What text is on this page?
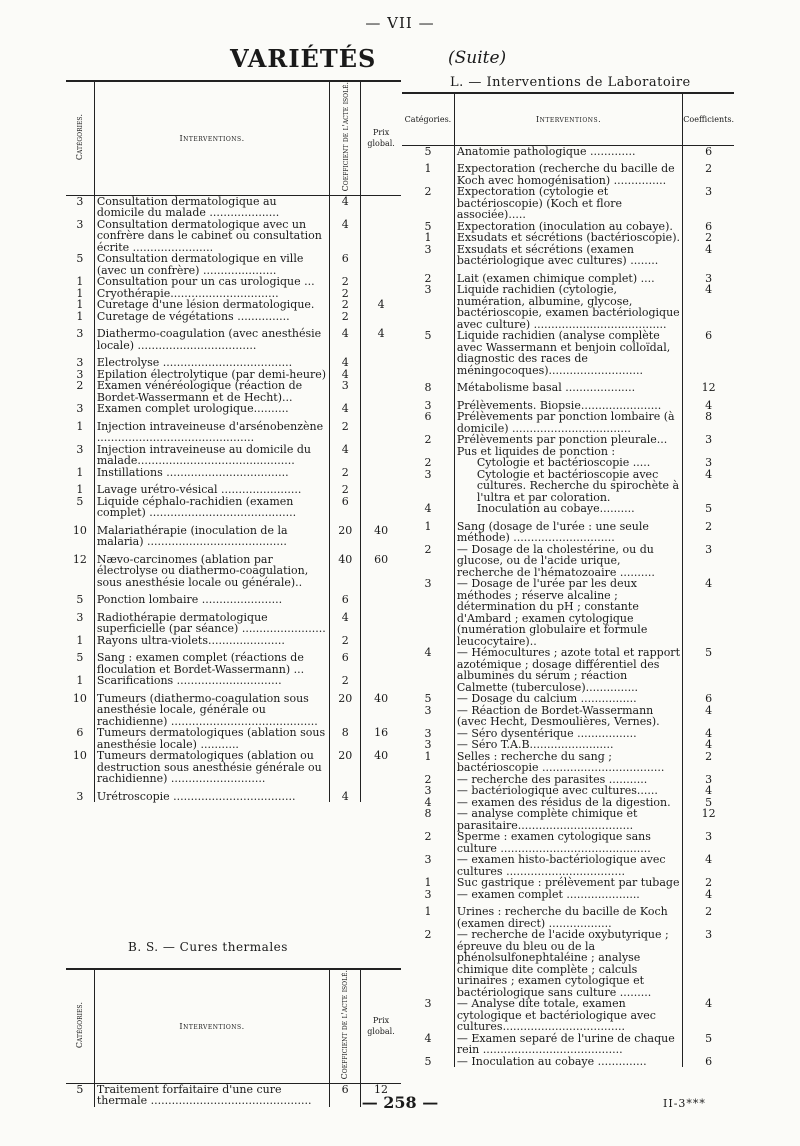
— VII —
VARIÉTÉS	(Suite)
L. — Interventions de Laboratoire
Catégories.	Interventions.	Coefficient de l'acte isolé.	Prix global.
3	Consultation dermatologique au domicile du malade ....................	4	
3	Consultation dermatologique avec un confrère dans le cabinet ou consultation écrite .......................	4	
5	Consultation dermatologique en ville (avec un confrère) .....................	6	
1	Consultation pour un cas urologique ...	2	
1	Cryothérapie...............................	2	
1	Curetage d'une lésion dermatologique.	2	4
1	Curetage de végétations ...............	2	

3	Diathermo-coagulation (avec anesthésie locale) ..................................	4	4

3	Electrolyse .....................................	4	
3	Epilation électrolytique (par demi-heure)	4	
2	Examen vénéréologique (réaction de Bordet-Wassermann et de Hecht)...	3	
3	Examen complet urologique..........	4	

1	Injection intraveineuse d'arsénobenzène .............................................	2	
3	Injection intraveineuse au domicile du malade.............................................	4	
1	Instillations ...................................	2	

1	Lavage urétro-vésical .......................	2	
5	Liquide céphalo-rachidien (examen complet) ..........................................	6	

10	Malariathérapie (inoculation de la malaria) ........................................	20	40

12	Nævo-carcinomes (ablation par électrolyse ou diathermo-coagulation, sous anesthésie locale ou générale)..	40	60

5	Ponction lombaire .......................	6	

3	Radiothérapie dermatologique superficielle (par séance) ........................	4	
1	Rayons ultra-violets......................	2	

5	Sang : examen complet (réactions de floculation et Bordet-Wassermann) ...	6	
1	Scarifications ..............................	2	

10	Tumeurs (diathermo-coagulation sous anesthésie locale, générale ou rachidienne) ..........................................	20	40
6	Tumeurs dermatologiques (ablation sous anesthésie locale) ...........	8	16
10	Tumeurs dermatologiques (ablation ou destruction sous anesthésie générale ou rachidienne) ...........................	20	40

3	Urétroscopie ...................................	4	
B. S. — Cures thermales
Catégories.	Interventions.	Coefficient de l'acte isolé.	Prix global.
5	Traitement forfaitaire d'une cure thermale ..............................................	6	12
Catégories.	Interventions.	Coefficients.
5	Anatomie pathologique .............	6

1	Expectoration (recherche du bacille de Koch avec homogénisation) ...............	2
2	Expectoration (cytologie et bactérioscopie) (Koch et flore associée).....	3
5	Expectoration (inoculation au cobaye).	6
1	Exsudats et sécrétions (bactérioscopie).	2
3	Exsudats et sécrétions (examen bactériologique avec cultures) ........	4

2	Lait (examen chimique complet) ....	3
3	Liquide rachidien (cytologie, numération, albumine, glycose, bactérioscopie, examen bactériologique avec culture) ......................................	4
5	Liquide rachidien (analyse complète avec Wassermann et benjoin colloïdal, diagnostic des races de méningocoques)...........................	6

8	Métabolisme basal ....................	12

3	Prélèvements. Biopsie.......................	4
6	Prélèvements par ponction lombaire (à domicile) ..................................	8
2	Prélèvements par ponction pleurale...	3
	Pus et liquides de ponction :	
2	Cytologie et bactérioscopie .....	3
3	Cytologie et bactérioscopie avec cultures. Recherche du spirochète à l'ultra et par coloration.	4
4	Inoculation au cobaye..........	5

1	Sang (dosage de l'urée : une seule méthode) .............................	2
2	— Dosage de la cholestérine, ou du glucose, ou de l'acide urique, recherche de l'hématozoaire ..........	3
3	— Dosage de l'urée par les deux méthodes ; réserve alcaline ; détermination du pH ; constante d'Ambard ; examen cytologique (numération globulaire et formule leucocytaire)..	4
4	— Hémocultures ; azote total et rapport azotémique ; dosage différentiel des albumines du sérum ; réaction Calmette (tuberculose)...............	5
5	— Dosage du calcium ................	6
3	— Réaction de Bordet-Wassermann (avec Hecht, Desmoulières, Vernes).	4
3	— Séro dysentérique .................	4
3	— Séro T.A.B........................	4
1	Selles : recherche du sang ; bactérioscopie ...................................	2
2	— recherche des parasites ...........	3
3	— bactériologique avec cultures......	4
4	— examen des résidus de la digestion.	5
8	— analyse complète chimique et parasitaire.................................	12
2	Sperme : examen cytologique sans culture ...........................................	3
3	— examen histo-bactériologique avec cultures ..................................	4
1	Suc gastrique : prélèvement par tubage	2
3	— examen complet .....................	4

1	Urines : recherche du bacille de Koch (examen direct) ..................	2
2	— recherche de l'acide oxybutyrique ; épreuve du bleu ou de la phénolsulfonephtaléine ; analyse chimique dite complète ; calculs urinaires ; examen cytologique et bactériologique sans culture .........	3
3	— Analyse dite totale, examen cytologique et bactériologique avec cultures...................................	4
4	— Examen separé de l'urine de chaque rein ........................................	5
5	— Inoculation au cobaye ..............	6
— 258 —	II-3***
